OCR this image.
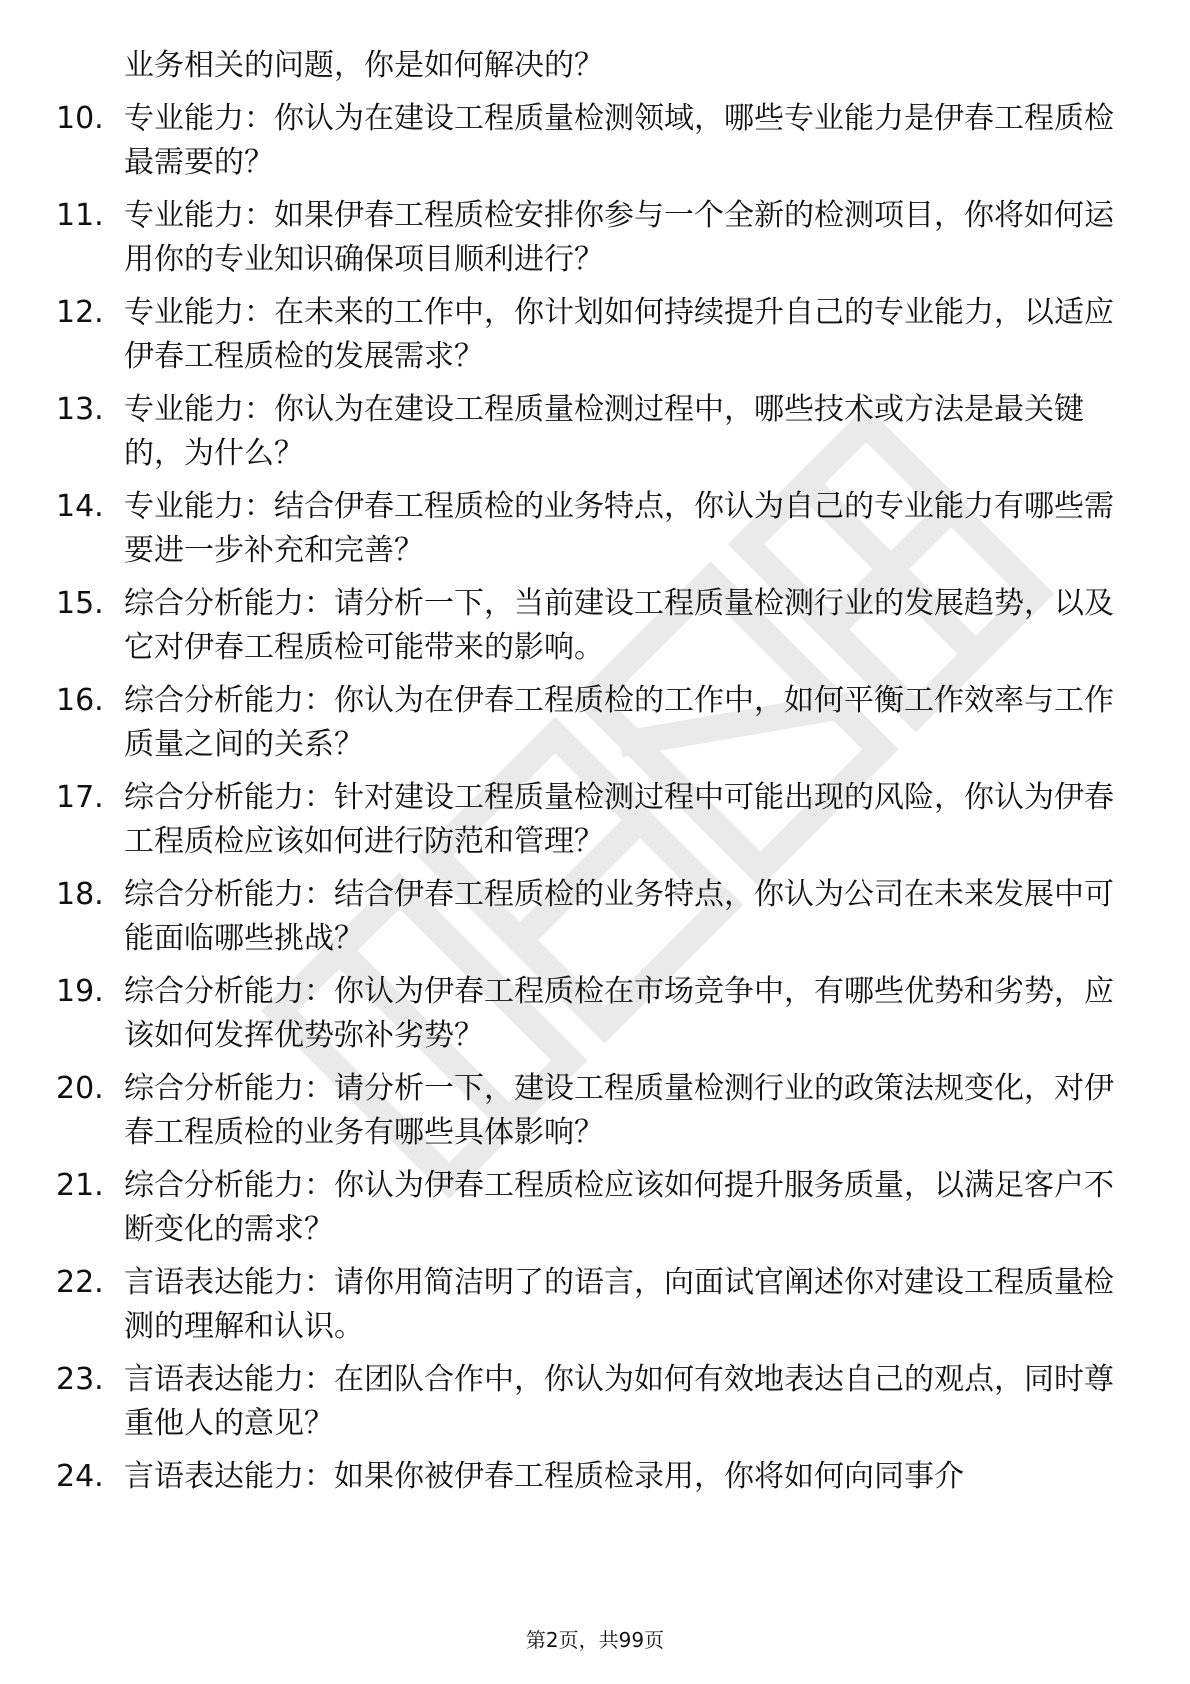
业务相关的问题，你是如何解决的？
10. 专业能力：你认为在建设工程质量检测领域，哪些专业能力是伊春工程质检最需要的？
11. 专业能力：如果伊春工程质检安排你参与一个全新的检测项目，你将如何运用你的专业知识确保项目顺利进行？
12. 专业能力：在未来的工作中，你计划如何持续提升自己的专业能力，以适应伊春工程质检的发展需求？
13. 专业能力：你认为在建设工程质量检测过程中，哪些技术或方法是最关键的，为什么？
14. 专业能力：结合伊春工程质检的业务特点，你认为自己的专业能力有哪些需要进一步补充和完善？
15. 综合分析能力：请分析一下，当前建设工程质量检测行业的发展趋势，以及它对伊春工程质检可能带来的影响。
16. 综合分析能力：你认为在伊春工程质检的工作中，如何平衡工作效率与工作质量之间的关系？
17. 综合分析能力：针对建设工程质量检测过程中可能出现的风险，你认为伊春工程质检应该如何进行防范和管理？
18. 综合分析能力：结合伊春工程质检的业务特点，你认为公司在未来发展中可能面临哪些挑战？
19. 综合分析能力：你认为伊春工程质检在市场竞争中，有哪些优势和劣势，应该如何发挥优势弥补劣势？
20. 综合分析能力：请分析一下，建设工程质量检测行业的政策法规变化，对伊春工程质检的业务有哪些具体影响？
21. 综合分析能力：你认为伊春工程质检应该如何提升服务质量，以满足客户不断变化的需求？
22. 言语表达能力：请你用简洁明了的语言，向面试官阐述你对建设工程质量检测的理解和认识。
23. 言语表达能力：在团队合作中，你认为如何有效地表达自己的观点，同时尊重他人的意见？
24. 言语表达能力：如果你被伊春工程质检录用，你将如何向同事介
第2页，共99页
